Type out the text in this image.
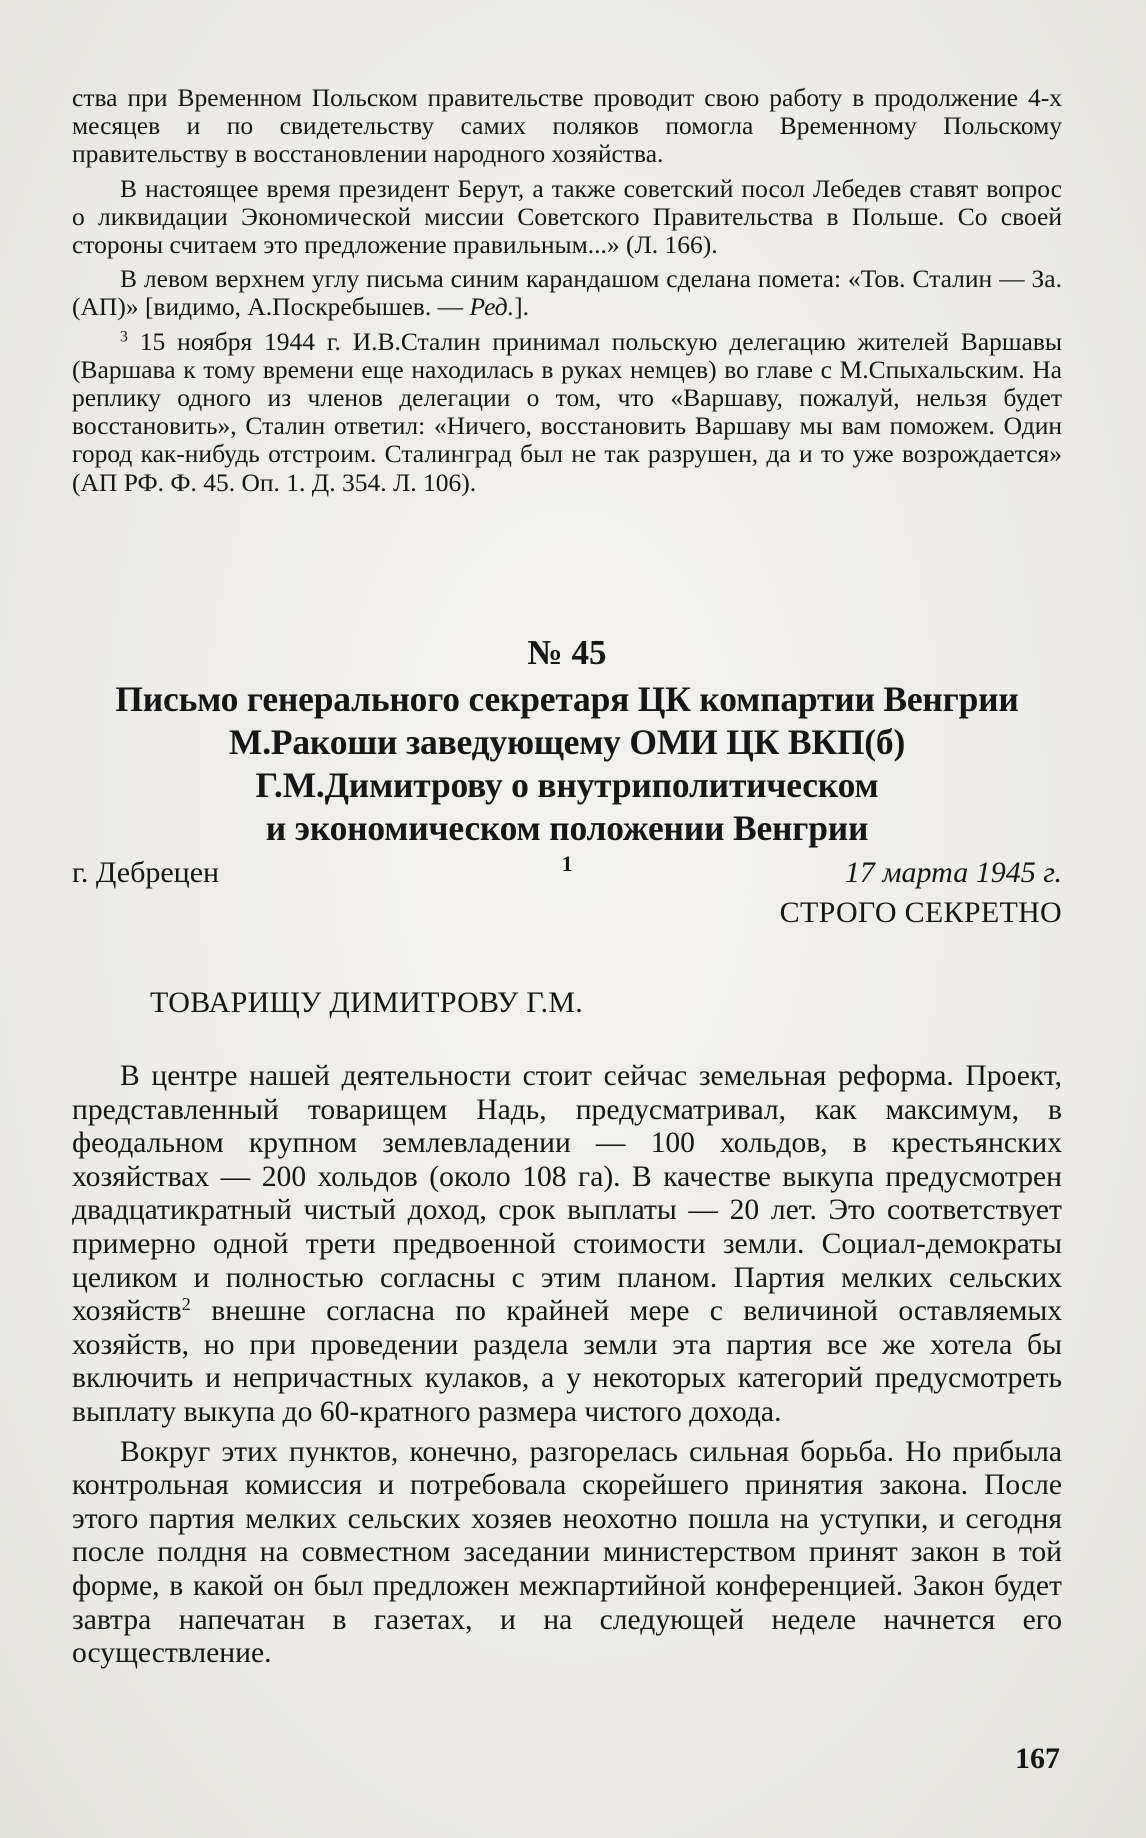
ства при Временном Польском правительстве проводит свою работу в продолжение 4-х месяцев и по свидетельству самих поляков помогла Временному Польскому правительству в восстановлении народного хозяйства.

В настоящее время президент Берут, а также советский посол Лебедев ставят вопрос о ликвидации Экономической миссии Советского Правительства в Польше. Со своей стороны считаем это предложение правильным...» (Л. 166).

В левом верхнем углу письма синим карандашом сделана помета: «Тов. Сталин — За. (АП)» [видимо, А.Поскребышев. — Ред.].

$^3$ 15 ноября 1944 г. И.В.Сталин принимал польскую делегацию жителей Варшавы (Варшава к тому времени еще находилась в руках немцев) во главе с М.Спыхальским. На реплику одного из членов делегации о том, что «Варшаву, пожалуй, нельзя будет восстановить», Сталин ответил: «Ничего, восстановить Варшаву мы вам поможем. Один город как-нибудь отстроим. Сталинград был не так разрушен, да и то уже возрождается» (АП РФ. Ф. 45. Оп. 1. Д. 354. Л. 106).

№ 45
Письмо генерального секретаря ЦК компартии Венгрии
М.Ракоши заведующему ОМИ ЦК ВКП(б)
Г.М.Димитрову о внутриполитическом
и экономическом положении Венгрии
$^1$
г. Дебрецен	17 марта 1945 г.
СТРОГО СЕКРЕТНО
ТОВАРИЩУ ДИМИТРОВУ Г.М.

В центре нашей деятельности стоит сейчас земельная реформа. Проект, представленный товарищем Надь, предусматривал, как максимум, в феодальном крупном землевладении — 100 хольдов, в крестьянских хозяйствах — 200 хольдов (около 108 га). В качестве выкупа предусмотрен двадцатикратный чистый доход, срок выплаты — 20 лет. Это соответствует примерно одной трети предвоенной стоимости земли. Социал-демократы целиком и полностью согласны с этим планом. Партия мелких сельских хозяйств$^2$ внешне согласна по крайней мере с величиной оставляемых хозяйств, но при проведении раздела земли эта партия все же хотела бы включить и непричастных кулаков, а у некоторых категорий предусмотреть выплату выкупа до 60-кратного размера чистого дохода.

Вокруг этих пунктов, конечно, разгорелась сильная борьба. Но прибыла контрольная комиссия и потребовала скорейшего принятия закона. После этого партия мелких сельских хозяев неохотно пошла на уступки, и сегодня после полдня на совместном заседании министерством принят закон в той форме, в какой он был предложен межпартийной конференцией. Закон будет завтра напечатан в газетах, и на следующей неделе начнется его осуществление.

167
